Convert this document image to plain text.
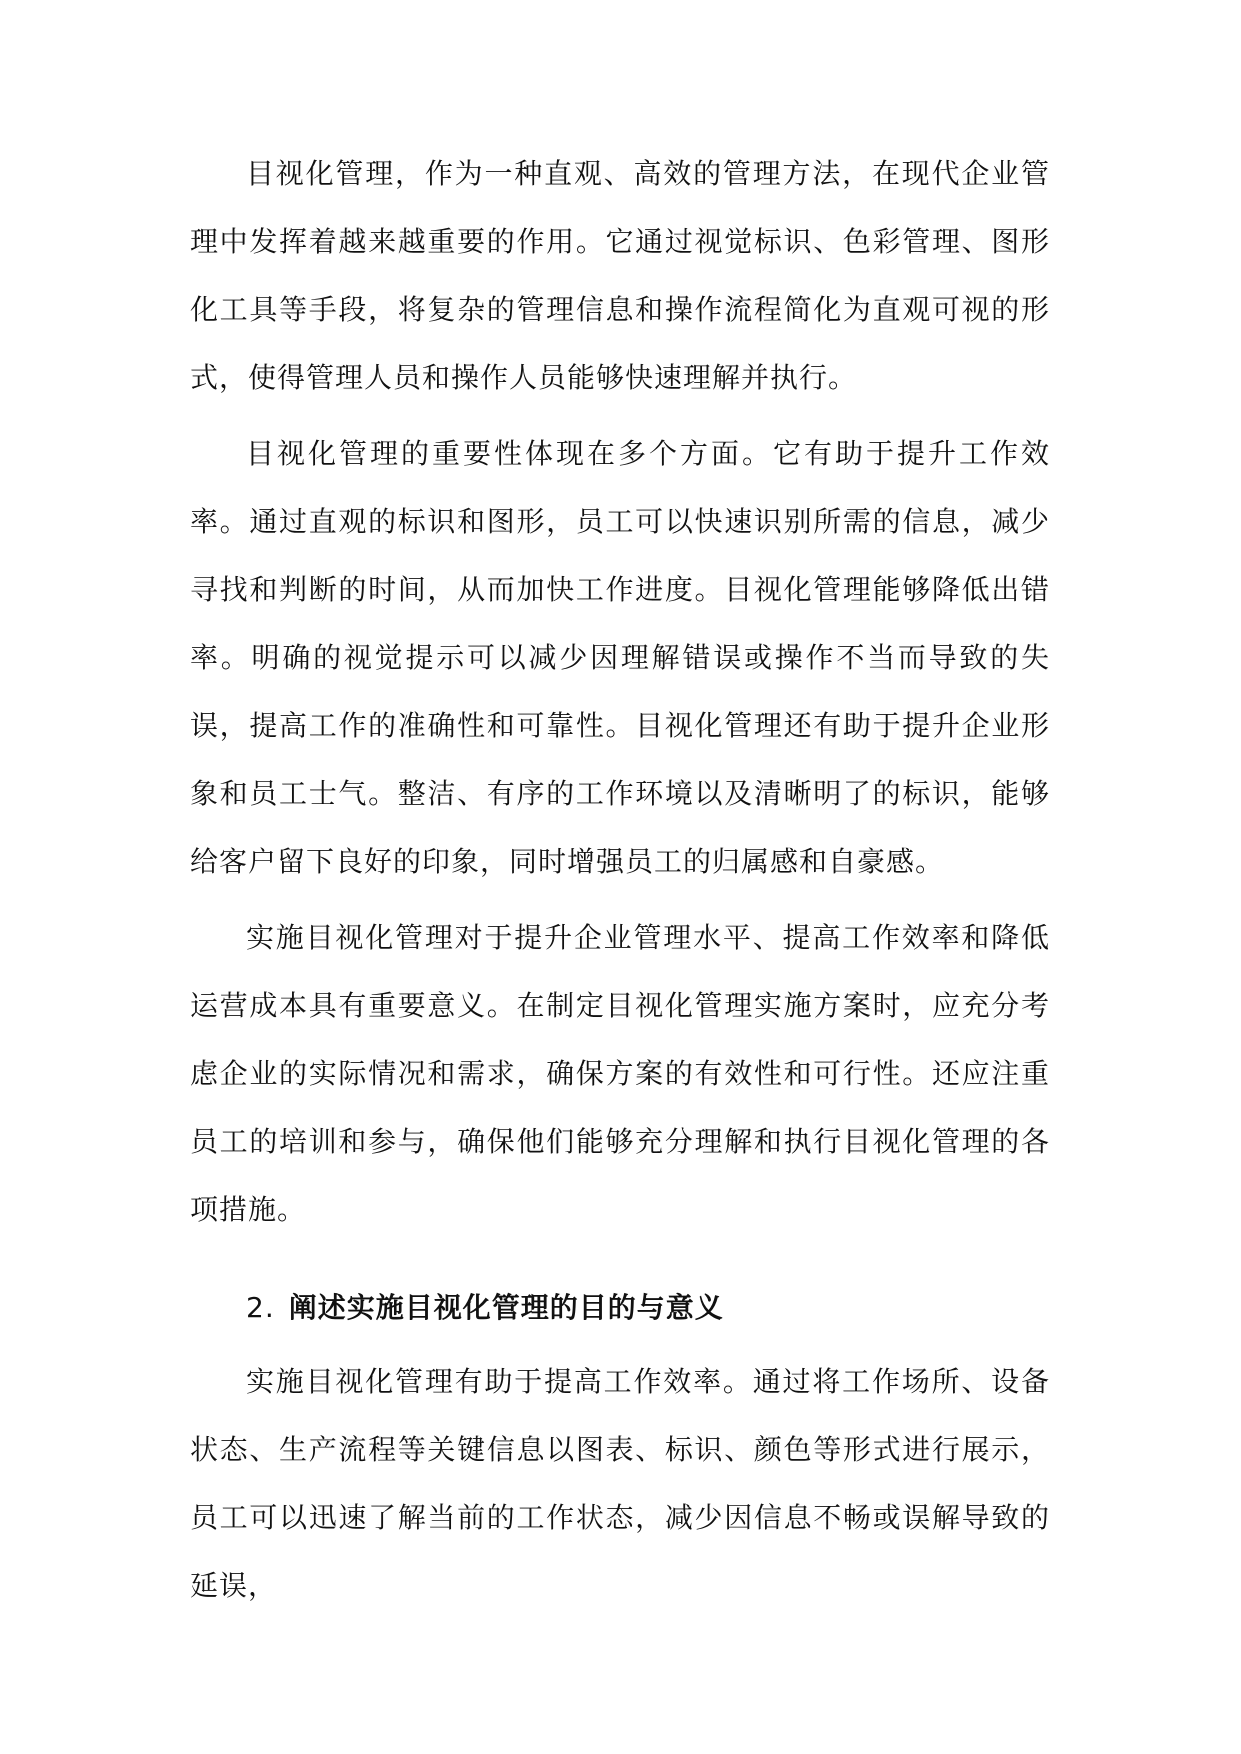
目视化管理，作为一种直观、高效的管理方法，在现代企业管理中发挥着越来越重要的作用。它通过视觉标识、色彩管理、图形化工具等手段，将复杂的管理信息和操作流程简化为直观可视的形式，使得管理人员和操作人员能够快速理解并执行。

目视化管理的重要性体现在多个方面。它有助于提升工作效率。通过直观的标识和图形，员工可以快速识别所需的信息，减少寻找和判断的时间，从而加快工作进度。目视化管理能够降低出错率。明确的视觉提示可以减少因理解错误或操作不当而导致的失误，提高工作的准确性和可靠性。目视化管理还有助于提升企业形象和员工士气。整洁、有序的工作环境以及清晰明了的标识，能够给客户留下良好的印象，同时增强员工的归属感和自豪感。

实施目视化管理对于提升企业管理水平、提高工作效率和降低运营成本具有重要意义。在制定目视化管理实施方案时，应充分考虑企业的实际情况和需求，确保方案的有效性和可行性。还应注重员工的培训和参与，确保他们能够充分理解和执行目视化管理的各项措施。

2. 阐述实施目视化管理的目的与意义

实施目视化管理有助于提高工作效率。通过将工作场所、设备状态、生产流程等关键信息以图表、标识、颜色等形式进行展示，员工可以迅速了解当前的工作状态，减少因信息不畅或误解导致的延误，
